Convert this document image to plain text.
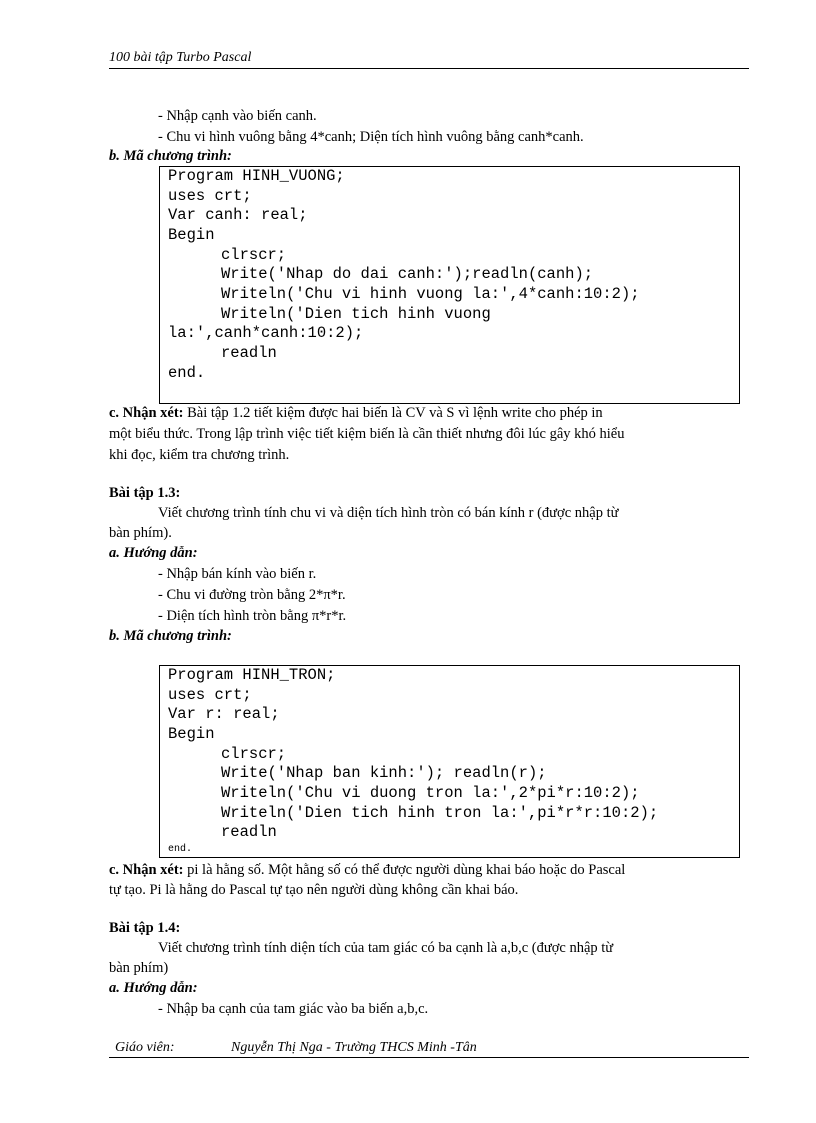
100 bài tập Turbo Pascal
- Nhập cạnh vào biến canh.
- Chu vi hình vuông bằng 4*canh; Diện tích hình vuông bằng canh*canh.
b. Mã chương trình:
Program HINH_VUONG;
uses crt;
Var canh: real;
Begin
clrscr;
Write('Nhap do dai canh:');readln(canh);
Writeln('Chu vi hinh vuong la:',4*canh:10:2);
Writeln('Dien tich hinh vuong
la:',canh*canh:10:2);
readln
end.
c. Nhận xét: Bài tập 1.2 tiết kiệm được hai biến là CV và S vì lệnh write cho phép in
một biểu thức. Trong lập trình việc tiết kiệm biến là cần thiết nhưng đôi lúc gây khó hiểu
khi đọc, kiểm tra chương trình.
Bài tập 1.3:
Viết chương trình tính chu vi và diện tích hình tròn có bán kính r (được nhập từ
bàn phím).
a. Hướng dẫn:
- Nhập bán kính vào biến r.
- Chu vi đường tròn bằng 2*π*r.
- Diện tích hình tròn bằng π*r*r.
b. Mã chương trình:
Program HINH_TRON;
uses crt;
Var r: real;
Begin
clrscr;
Write('Nhap ban kinh:'); readln(r);
Writeln('Chu vi duong tron la:',2*pi*r:10:2);
Writeln('Dien tich hinh tron la:',pi*r*r:10:2);
readln
end.
c. Nhận xét: pi là hằng số. Một hằng số có thể được người dùng khai báo hoặc do Pascal
tự tạo. Pi là hằng do Pascal tự tạo nên người dùng không cần khai báo.
Bài tập 1.4:
Viết chương trình tính diện tích của tam giác có ba cạnh là a,b,c (được nhập từ
bàn phím)
a. Hướng dẫn:
- Nhập ba cạnh của tam giác vào ba biến a,b,c.
Giáo viên:	Nguyễn Thị Nga - Trường THCS Minh -Tân
